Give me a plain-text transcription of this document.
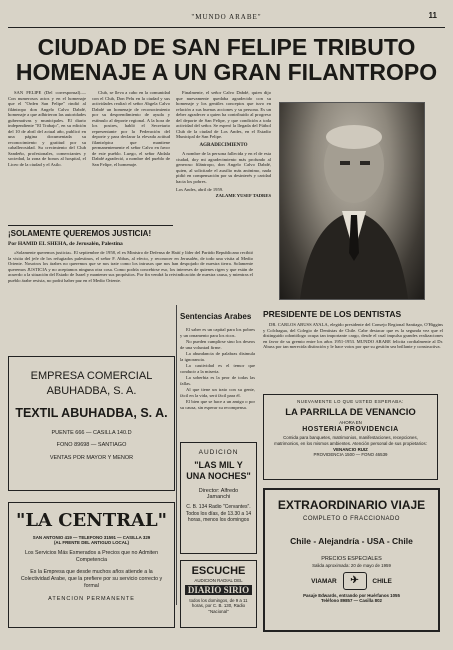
"MUNDO ARABE"	11
CIUDAD DE SAN FELIPE TRIBUTO
HOMENAJE A UN GRAN FILANTROPO

SAN FELIPE (Del corresponsal).— Con numerosos actos y en el homenaje que el "Orden San Felipe" rindió al filántropo don Angelo Calvo Dabdé, homenaje a que adhirieron las autoridades gubernativas y municipales. El diario independiente "El Trabajo", en su edición del 10 de abril del actual año, publicó en una página documentada su reconocimiento y gratitud por su caballerosidad. Su crecimiento del Club Sandeño, profesionales, comerciantes y sociedad, la zona de bonos al hospital, el Liceo de la ciudad y el Asilo.

Club, se lleva a cabo en la comunidad con el Club, Don Pelu en la ciudad y sus actividades realizó el señor Abgela Calvo Dabdé un homenaje de reconocimiento por su desprendimiento de ayuda y estímulo al deporte regional. A la hora de los postres, habló el Secretario representante por la Federación del deporte y para declarar la elevada actitud filantrópica que mantiene permanentemente el señor Calvo en favor de este pueblo. Luego, el señor Abdala Dabdé agradeció, a nombre del pueblo de San Felipe, el homenaje.

Finalmente, el señor Calvo Dabdé, quien dijo que nuevamente quedaba agradecido con su homenaje y los gentiles conceptos que tuvo en relación a sus buenas acciones y su persona. Es un deber agradecer a quien ha contribuido al progreso del deporte de San Felipe, y que condición a toda actividad del señor. Se esperó la llegada del Fútbol Club de la ciudad de Los Andes, en el Estadio Municipal de San Felipe.

AGRADECIMIENTO

A nombre de la persona fallecida y en el de esta ciudad, doy mi agradecimiento más profundo al generoso filántropo, don Angelo Calvo Dabdé, quien, al solicitarle el auxilio más anónimo, nada pidió en compensación por su desinterés y caridad hacia los pobres.

Los Andes, abril de 1959.
ZALAME YUSEF TADRES
PRESIDENTE DE LOS DENTISTAS

DR. CARLOS ABUSS AYALA, elegido presidente del Consejo Regional Santiago, O'Higgins y Colchagua, del Colegio de Dentistas de Chile. Cabe destacar que es la segunda vez que el distinguido odontólogo ocupa tan importante cargo, desde el cual impulsa grandes realizaciones en favor de su gremio entre los años 1951-1953. MUNDO ARABE felicita cordialmente al Dr. Abuss por tan merecida distinción y le hace votos por que su gestión sea brillante y constructiva.

¡SOLAMENTE QUEREMOS JUSTICIA!
Por HAMID EL SHEHA, de Jerusalén, Palestina

«Solamente queremos justicia». El septiembre de 1958, el ex Ministro de Defensa de Haití y líder del Partido Republicano recibió la visita del jefe de los refugiados palestinos, el señor F. Abbas, al efecto, y reconocer en Jerusalén, de todo una visita al Medio Oriente. Nosotros los árabes no queremos que se nos trate como los intrusos que nos han despojado de nuestra tierra. Solamente queremos JUSTICIA y no aceptamos ninguna otra cosa. Como podría concebirse eso, los intereses de quienes rigen y que están de acuerdo a la situación del Estado de Israel y mantener sus propósitos. Por fin vendrá la reivindicación de nuestra causa, y mientras el pueblo árabe resista, no podrá haber paz en el Medio Oriente.

Sentencias Arabes

El saber es un capital para los pobres y un ornamento para los ricos.

No pueden cumplirse sino los deseos de una voluntad firme.

La abundancia de palabras disimula la ignorancia.

La cautividad es el temor que conducir a la miseria.

La soberbia es la peor de todas las fallas.

Al que tiene un trato con su gente, fácil en la vida, será fácil para él.

El bien que se hace a un amigo o por su causa, sin esperar su recompensa.

EMPRESA COMERCIAL
ABUHADBA, S. A.
TEXTIL ABUHADBA, S. A.
PUENTE 666 — CASILLA 140.D
FONO 89698 — SANTIAGO
VENTAS POR MAYOR Y MENOR
"LA CENTRAL"
SAN ANTONIO 419 — TELEFONO 31591 — CASILLA 329
(AL FRENTE DEL ANTIGUO LOCAL)
Los Servicios Más Esmerados a Precios que no Admiten Competencia
Es la Empresa que desde muchos años atiende a la Colectividad Arabe, que la prefiere por su servicio correcto y formal
ATENCION PERMANENTE
AUDICION
"LAS MIL Y UNA NOCHES"
Director: Alfredo
Jamanchi
C. B. 134 Radio "Cervantes". Todos los días, de 13.30 a 14 horas, menos los domingos
ESCUCHE
AUDICION RADIAL DEL
DIARIO SIRIO
todos los domingos, de 9 a 11 horas, por C. B. 130, Radio "Nacional"
NUEVAMENTE LO QUE USTED ESPERABA:
LA PARRILLA DE VENANCIO
AHORA EN
HOSTERIA PROVIDENCIA
Comida para banquetes, matrimonios, manifestaciones, recepciones, matrimonios, en los mismos ambientes. Atención personal de sus propietarios:
VENANCIO RUIZ
PROVIDENCIA 1500 — FONO 46539
EXTRAORDINARIO VIAJE
COMPLETO O FRACCIONADO
Chile - Alejandría - USA - Chile
PRECIOS ESPECIALES
Salida aproximada: 20 de mayo de 1959
VIAMAR ✈ CHILE
Pasaje Edwards, entrando por Huérfanos 1055
Teléfono 89857 — Casilla 802
